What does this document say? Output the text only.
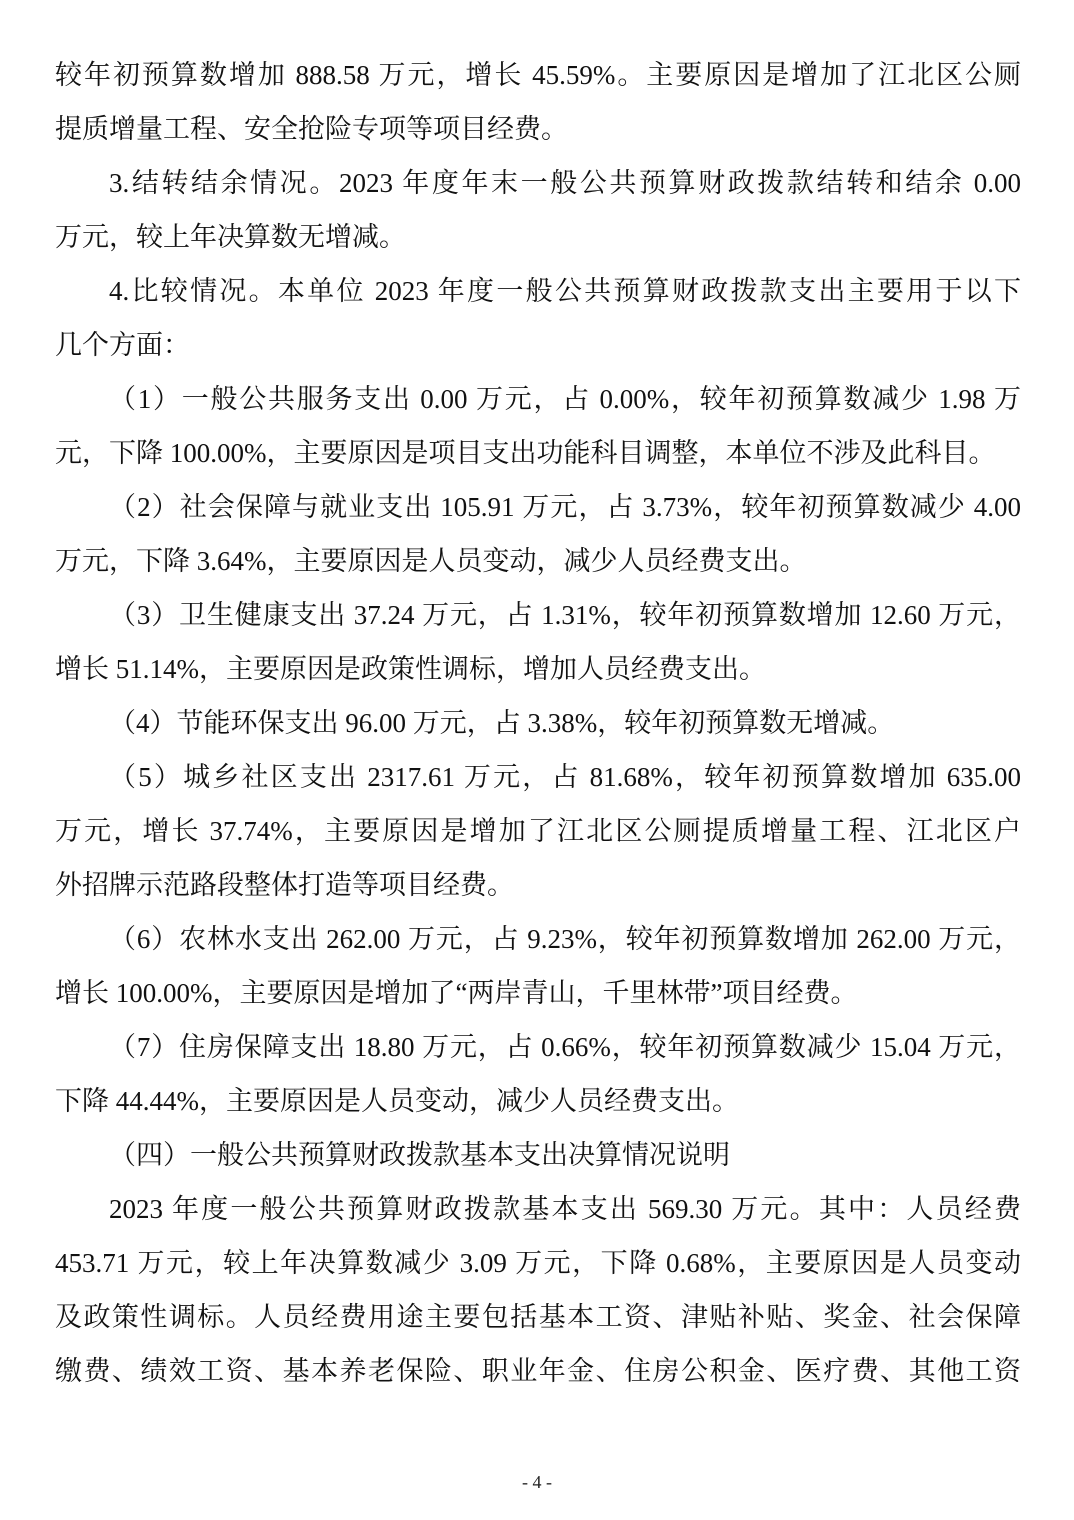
较年初预算数增加 888.58 万元，增长 45.59%。主要原因是增加了江北区公厕
提质增量工程、安全抢险专项等项目经费。
3.结转结余情况。2023 年度年末一般公共预算财政拨款结转和结余 0.00
万元，较上年决算数无增减。
4.比较情况。本单位 2023 年度一般公共预算财政拨款支出主要用于以下
几个方面：
（1）一般公共服务支出 0.00 万元，占 0.00%，较年初预算数减少 1.98 万
元，下降 100.00%，主要原因是项目支出功能科目调整，本单位不涉及此科目。
（2）社会保障与就业支出 105.91 万元，占 3.73%，较年初预算数减少 4.00
万元，下降 3.64%，主要原因是人员变动，减少人员经费支出。
（3）卫生健康支出 37.24 万元，占 1.31%，较年初预算数增加 12.60 万元，
增长 51.14%，主要原因是政策性调标，增加人员经费支出。
（4）节能环保支出 96.00 万元，占 3.38%，较年初预算数无增减。
（5）城乡社区支出 2317.61 万元，占 81.68%，较年初预算数增加 635.00
万元，增长 37.74%，主要原因是增加了江北区公厕提质增量工程、江北区户
外招牌示范路段整体打造等项目经费。
（6）农林水支出 262.00 万元，占 9.23%，较年初预算数增加 262.00 万元，
增长 100.00%，主要原因是增加了“两岸青山，千里林带”项目经费。
（7）住房保障支出 18.80 万元，占 0.66%，较年初预算数减少 15.04 万元，
下降 44.44%，主要原因是人员变动，减少人员经费支出。
（四）一般公共预算财政拨款基本支出决算情况说明
2023 年度一般公共预算财政拨款基本支出 569.30 万元。其中：人员经费
453.71 万元，较上年决算数减少 3.09 万元，下降 0.68%，主要原因是人员变动
及政策性调标。人员经费用途主要包括基本工资、津贴补贴、奖金、社会保障
缴费、绩效工资、基本养老保险、职业年金、住房公积金、医疗费、其他工资
- 4 -
